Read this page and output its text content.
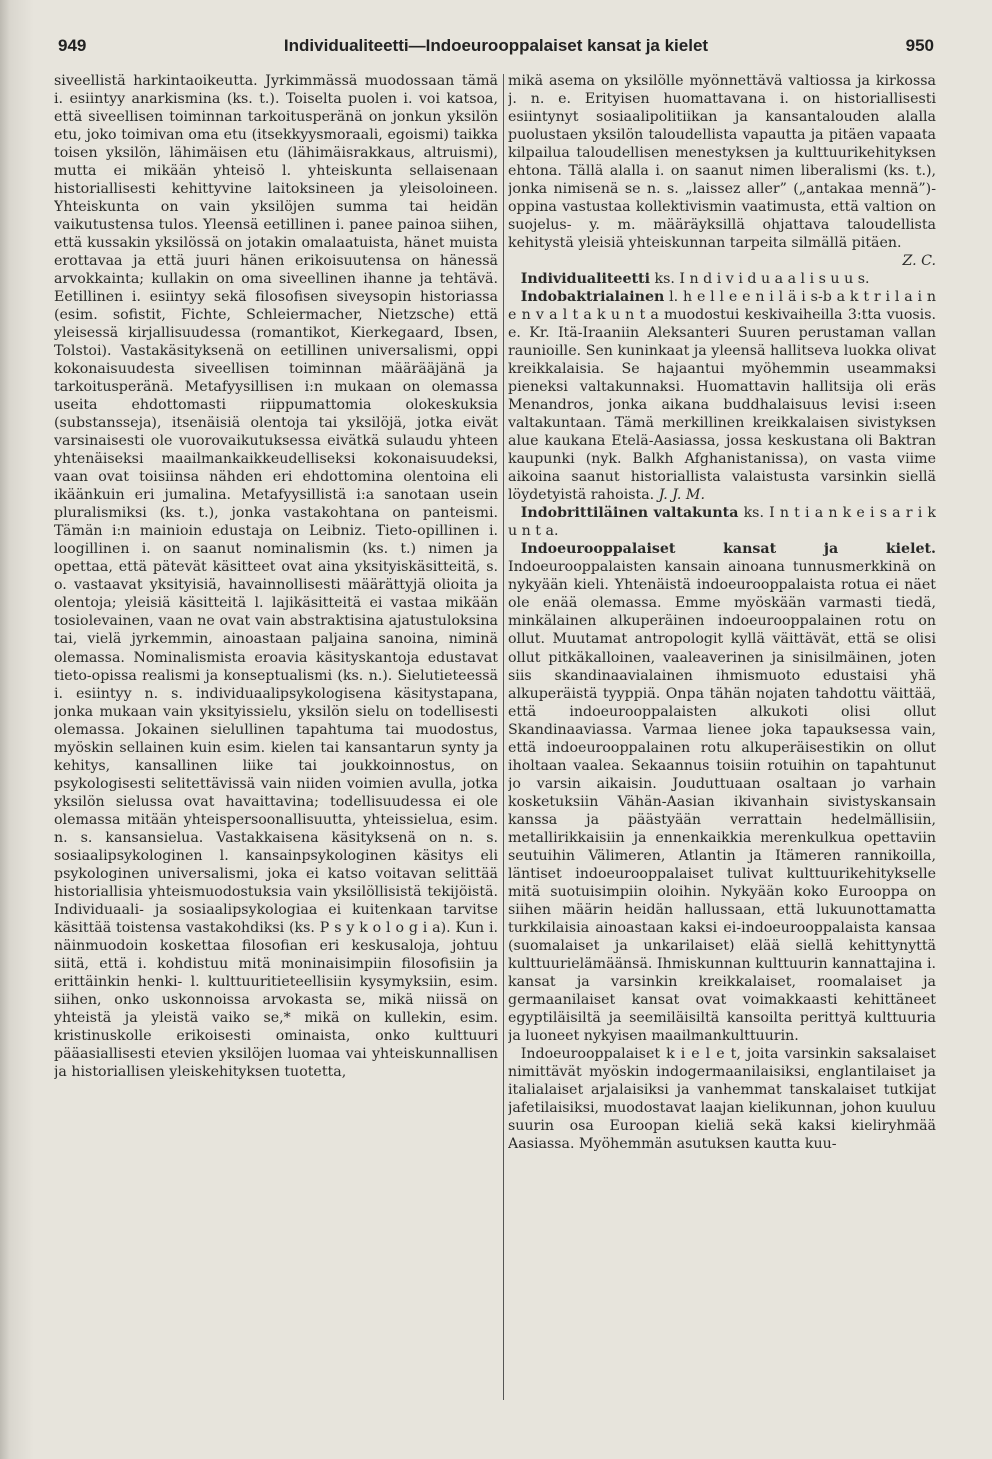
949	Individualiteetti—Indoeurooppalaiset kansat ja kielet	950

siveellistä harkintaoikeutta. Jyrkimmässä muodossaan tämä i. esiintyy anarkismina (ks. t.). Toiselta puolen i. voi katsoa, että siveellisen toiminnan tarkoitusperänä on jonkun yksilön etu, joko toimivan oma etu (itsekkyysmoraali, egoismi) taikka toisen yksilön, lähimäisen etu (lähimäisrakkaus, altruismi), mutta ei mikään yhteisö l. yhteiskunta sellaisenaan historiallisesti kehittyvine laitoksineen ja yleisoloineen. Yhteiskunta on vain yksilöjen summa tai heidän vaikutustensa tulos. Yleensä eetillinen i. panee painoa siihen, että kussakin yksilössä on jotakin omalaatuista, hänet muista erottavaa ja että juuri hänen erikoisuutensa on hänessä arvokkainta; kullakin on oma siveellinen ihanne ja tehtävä. Eetillinen i. esiintyy sekä filosofisen siveysopin historiassa (esim. sofistit, Fichte, Schleiermacher, Nietzsche) että yleisessä kirjallisuudessa (romantikot, Kierkegaard, Ibsen, Tolstoi). Vastakäsityksenä on eetillinen universalismi, oppi kokonaisuudesta siveellisen toiminnan määrääjänä ja tarkoitusperänä. Metafyysillisen i:n mukaan on olemassa useita ehdottomasti riippumattomia olokeskuksia (substansseja), itsenäisiä olentoja tai yksilöjä, jotka eivät varsinaisesti ole vuorovaikutuksessa eivätkä sulaudu yhteen yhtenäiseksi maailmankaikkeudelliseksi kokonaisuudeksi, vaan ovat toisiinsa nähden eri ehdottomina olentoina eli ikäänkuin eri jumalina. Metafyysillistä i:a sanotaan usein pluralismiksi (ks. t.), jonka vastakohtana on panteismi. Tämän i:n mainioin edustaja on Leibniz. Tieto-opillinen i. loogillinen i. on saanut nominalismin (ks. t.) nimen ja opettaa, että pätevät käsitteet ovat aina yksityiskäsitteitä, s. o. vastaavat yksityisiä, havainnollisesti määrättyjä olioita ja olentoja; yleisiä käsitteitä l. lajikäsitteitä ei vastaa mikään tosiolevainen, vaan ne ovat vain abstraktisina ajatustuloksina tai, vielä jyrkemmin, ainoastaan paljaina sanoina, niminä olemassa. Nominalismista eroavia käsityskantoja edustavat tieto-opissa realismi ja konseptualismi (ks. n.). Sielutieteessä i. esiintyy n. s. individuaalipsykologisena käsitystapana, jonka mukaan vain yksityissielu, yksilön sielu on todellisesti olemassa. Jokainen sielullinen tapahtuma tai muodostus, myöskin sellainen kuin esim. kielen tai kansantarun synty ja kehitys, kansallinen liike tai joukkoinnostus, on psykologisesti selitettävissä vain niiden voimien avulla, jotka yksilön sielussa ovat havaittavina; todellisuudessa ei ole olemassa mitään yhteispersoonallisuutta, yhteissielua, esim. n. s. kansansielua. Vastakkaisena käsityksenä on n. s. sosiaalipsykologinen l. kansainpsykologinen käsitys eli psykologinen universalismi, joka ei katso voitavan selittää historiallisia yhteismuodostuksia vain yksilöllisistä tekijöistä. Individuaali- ja sosiaalipsykologiaa ei kuitenkaan tarvitse käsittää toistensa vastakohdiksi (ks. P s y k o l o g i a). Kun i. näinmuodoin koskettaa filosofian eri keskusaloja, johtuu siitä, että i. kohdistuu mitä moninaisimpiin filosofisiin ja erittäinkin henki- l. kulttuuritieteellisiin kysymyksiin, esim. siihen, onko uskonnoissa arvokasta se, mikä niissä on yhteistä ja yleistä vaiko se,* mikä on kullekin, esim. kristinuskolle erikoisesti ominaista, onko kulttuuri pääasiallisesti etevien yksilöjen luomaa vai yhteiskunnallisen ja historiallisen yleiskehityksen tuotetta,

mikä asema on yksilölle myönnettävä valtiossa ja kirkossa j. n. e. Erityisen huomattavana i. on historiallisesti esiintynyt sosiaalipolitiikan ja kansantalouden alalla puolustaen yksilön taloudellista vapautta ja pitäen vapaata kilpailua taloudellisen menestyksen ja kulttuurikehityksen ehtona. Tällä alalla i. on saanut nimen liberalismi (ks. t.), jonka nimisenä se n. s. „laissez aller” („antakaa mennä”)-oppina vastustaa kollektivismin vaatimusta, että valtion on suojelus- y. m. määräyksillä ohjattava taloudellista kehitystä yleisiä yhteiskunnan tarpeita silmällä pitäen.

Z. C.

Individualiteetti ks. I n d i v i d u a a l i s u u s.

Indobaktrialainen l. h e l l e e n i l ä i s-b a k t r i l a i n e n v a l t a k u n t a muodostui keskivaiheilla 3:tta vuosis. e. Kr. Itä-Iraaniin Aleksanteri Suuren perustaman vallan raunioille. Sen kuninkaat ja yleensä hallitseva luokka olivat kreikkalaisia. Se hajaantui myöhemmin useammaksi pieneksi valtakunnaksi. Huomattavin hallitsija oli eräs Menandros, jonka aikana buddhalaisuus levisi i:seen valtakuntaan. Tämä merkillinen kreikkalaisen sivistyksen alue kaukana Etelä-Aasiassa, jossa keskustana oli Baktran kaupunki (nyk. Balkh Afghanistanissa), on vasta viime aikoina saanut historiallista valaistusta varsinkin siellä löydetyistä rahoista. J. J. M.

Indobrittiläinen valtakunta ks. I n t i a n k e i s a r i k u n t a.

Indoeurooppalaiset kansat ja kielet. Indoeurooppalaisten kansain ainoana tunnusmerkkinä on nykyään kieli. Yhtenäistä indoeurooppalaista rotua ei näet ole enää olemassa. Emme myöskään varmasti tiedä, minkälainen alkuperäinen indoeurooppalainen rotu on ollut. Muutamat antropologit kyllä väittävät, että se olisi ollut pitkäkalloinen, vaaleaverinen ja sinisilmäinen, joten siis skandinaavialainen ihmismuoto edustaisi yhä alkuperäistä tyyppiä. Onpa tähän nojaten tahdottu väittää, että indoeurooppalaisten alkukoti olisi ollut Skandinaaviassa. Varmaa lienee joka tapauksessa vain, että indoeurooppalainen rotu alkuperäisestikin on ollut iholtaan vaalea. Sekaannus toisiin rotuihin on tapahtunut jo varsin aikaisin. Jouduttuaan osaltaan jo varhain kosketuksiin Vähän-Aasian ikivanhain sivistyskansain kanssa ja päästyään verrattain hedelmällisiin, metallirikkaisiin ja ennenkaikkia merenkulkua opettaviin seutuihin Välimeren, Atlantin ja Itämeren rannikoilla, läntiset indoeurooppalaiset tulivat kulttuurikehitykselle mitä suotuisimpiin oloihin. Nykyään koko Eurooppa on siihen määrin heidän hallussaan, että lukuunottamatta turkkilaisia ainoastaan kaksi ei-indoeurooppalaista kansaa (suomalaiset ja unkarilaiset) elää siellä kehittynyttä kulttuurielämäänsä. Ihmiskunnan kulttuurin kannattajina i. kansat ja varsinkin kreikkalaiset, roomalaiset ja germaanilaiset kansat ovat voimakkaasti kehittäneet egyptiläisiltä ja seemiläisiltä kansoilta perittyä kulttuuria ja luoneet nykyisen maailmankulttuurin.

Indoeurooppalaiset k i e l e t, joita varsinkin saksalaiset nimittävät myöskin indogermaanilaisiksi, englantilaiset ja italialaiset arjalaisiksi ja vanhemmat tanskalaiset tutkijat jafetilaisiksi, muodostavat laajan kielikunnan, johon kuuluu suurin osa Euroopan kieliä sekä kaksi kieliryhmää Aasiassa. Myöhemmän asutuksen kautta kuu-
